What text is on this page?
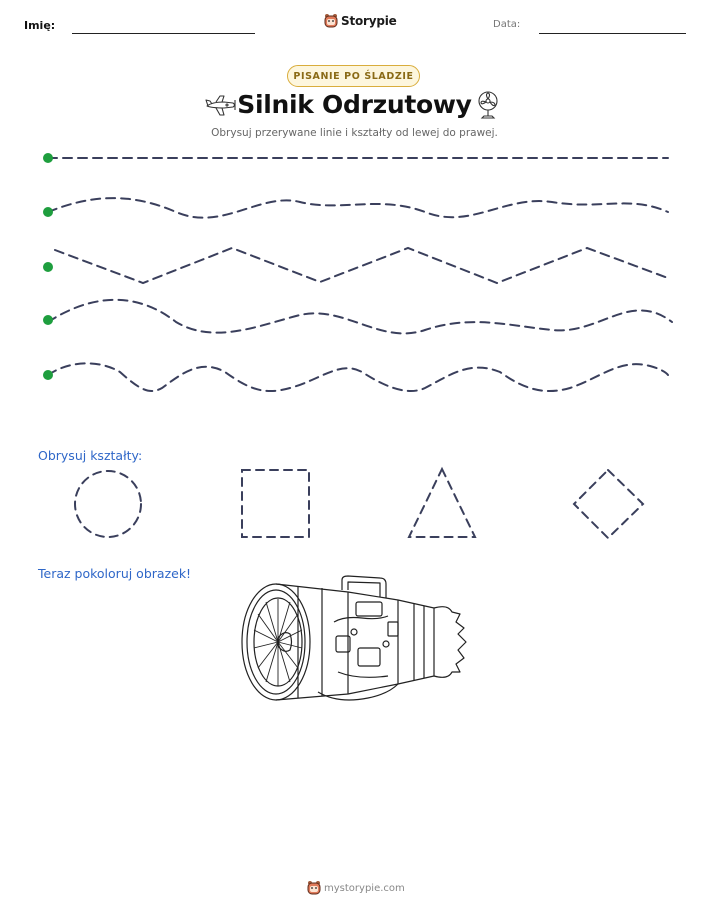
Imię:	Storypie	Data:
PISANIE PO ŚLADZIE
Silnik Odrzutowy
Obrysuj przerywane linie i kształty od lewej do prawej.
Obrysuj kształty:
Teraz pokoloruj obrazek!
mystorypie.com
